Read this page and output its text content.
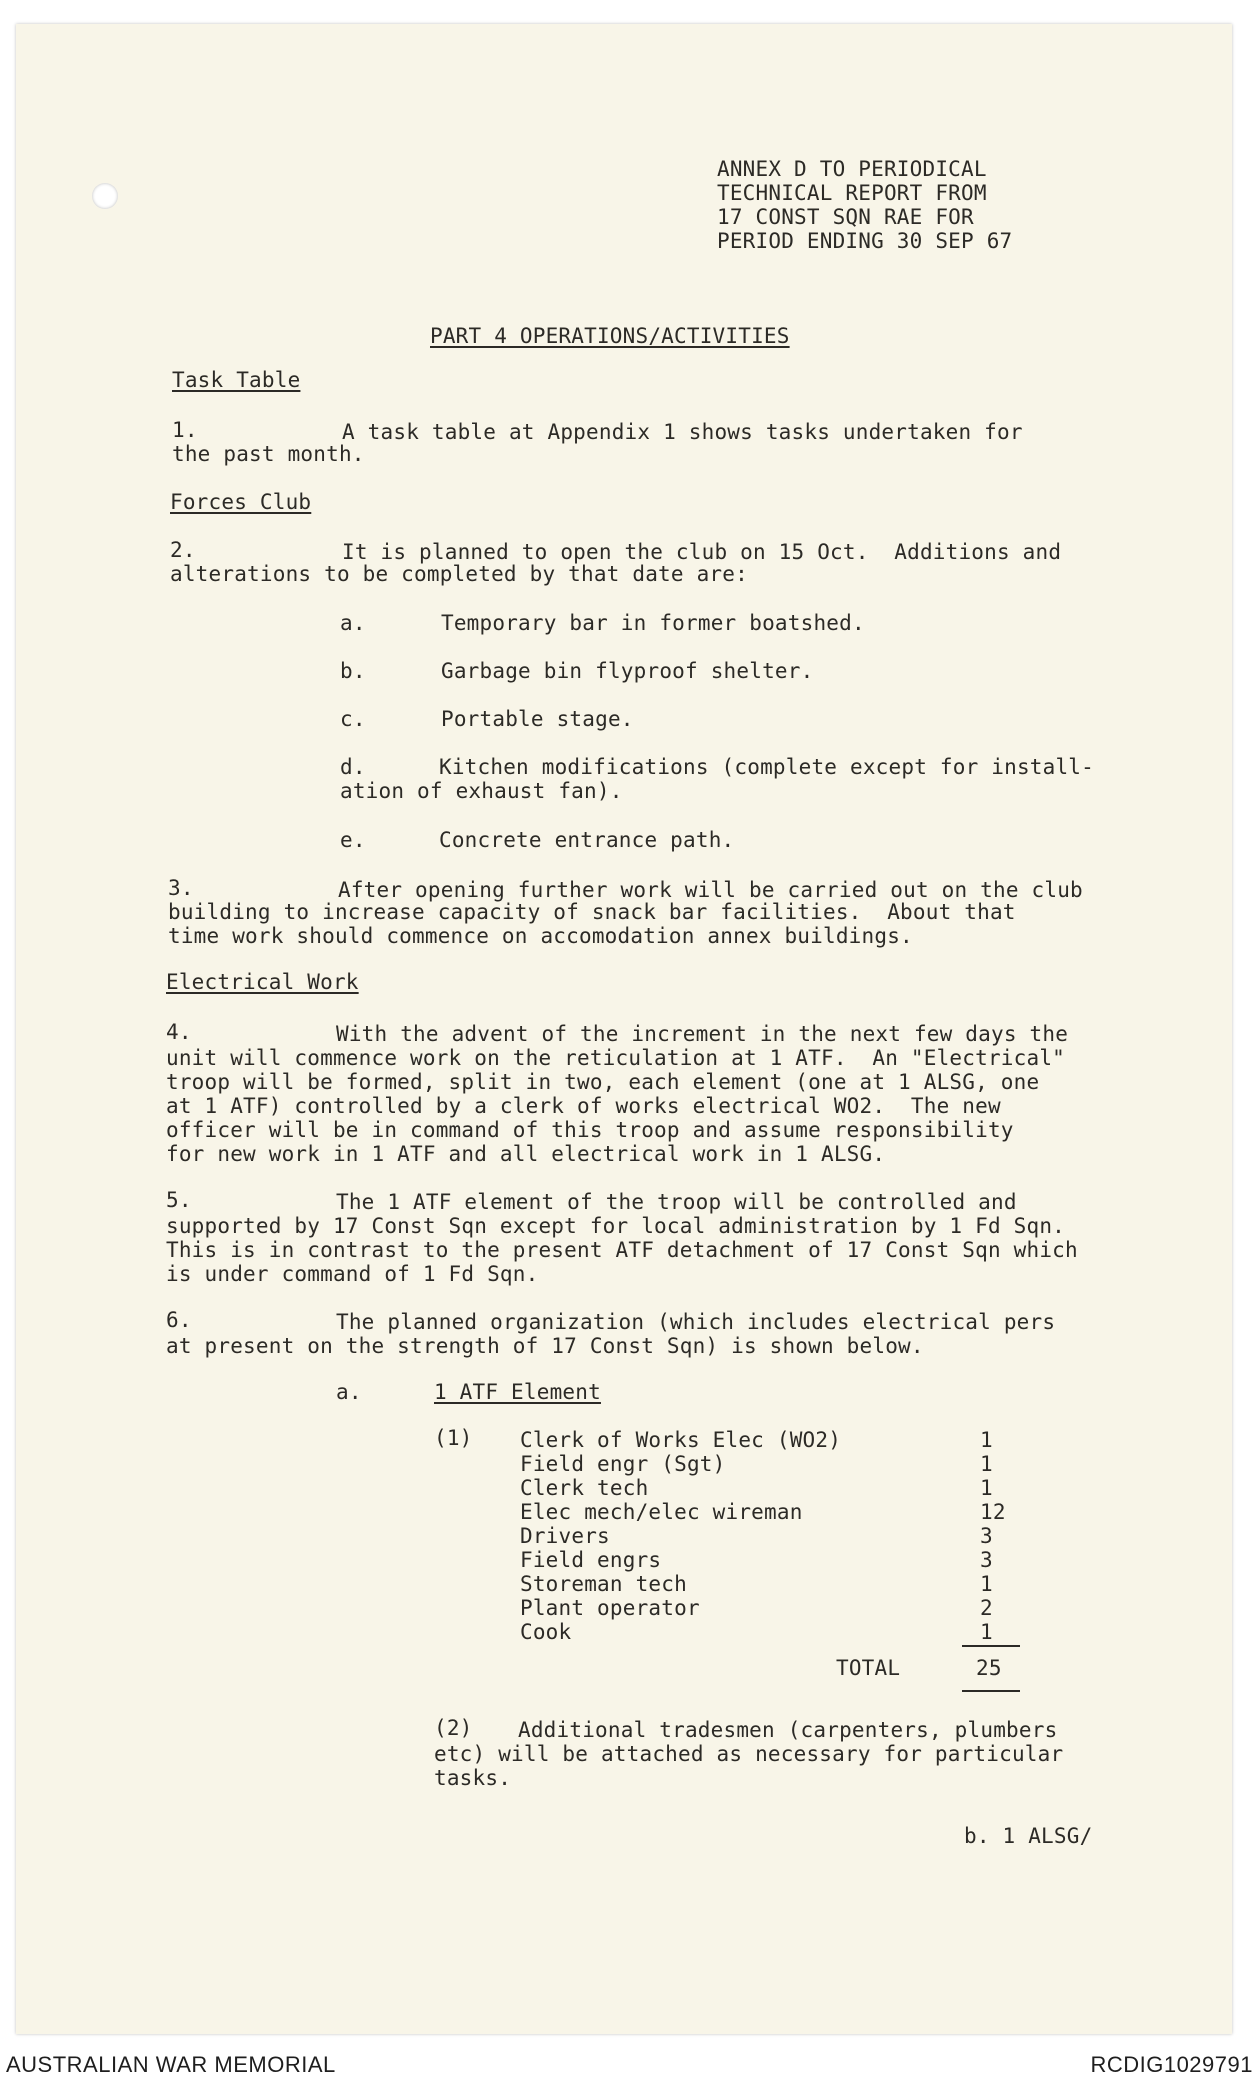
ANNEX D TO PERIODICAL
TECHNICAL REPORT FROM
17 CONST SQN RAE FOR
PERIOD ENDING 30 SEP 67
PART 4 OPERATIONS/ACTIVITIES
Task Table
1.	A task table at Appendix 1 shows tasks undertaken for
the past month.
Forces Club
2.	It is planned to open the club on 15 Oct.  Additions and
alterations to be completed by that date are:
a.	Temporary bar in former boatshed.
b.	Garbage bin flyproof shelter.
c.	Portable stage.
d.	Kitchen modifications (complete except for install-
ation of exhaust fan).
e.	Concrete entrance path.
3.	After opening further work will be carried out on the club
building to increase capacity of snack bar facilities.  About that
time work should commence on accomodation annex buildings.
Electrical Work
4.	With the advent of the increment in the next few days the
unit will commence work on the reticulation at 1 ATF.  An "Electrical"
troop will be formed, split in two, each element (one at 1 ALSG, one
at 1 ATF) controlled by a clerk of works electrical WO2.  The new
officer will be in command of this troop and assume responsibility
for new work in 1 ATF and all electrical work in 1 ALSG.
5.	The 1 ATF element of the troop will be controlled and
supported by 17 Const Sqn except for local administration by 1 Fd Sqn.
This is in contrast to the present ATF detachment of 17 Const Sqn which
is under command of 1 Fd Sqn.
6.	The planned organization (which includes electrical pers
at present on the strength of 17 Const Sqn) is shown below.
a.	1 ATF Element
(1) Clerk of Works Elec (WO2)	1
Field engr (Sgt)	1
Clerk tech	1
Elec mech/elec wireman	12
Drivers	3
Field engrs	3
Storeman tech	1
Plant operator	2
Cook	1
TOTAL	25
(2) Additional tradesmen (carpenters, plumbers
etc) will be attached as necessary for particular
tasks.
b. 1 ALSG/
AUSTRALIAN WAR MEMORIAL	RCDIG1029791
